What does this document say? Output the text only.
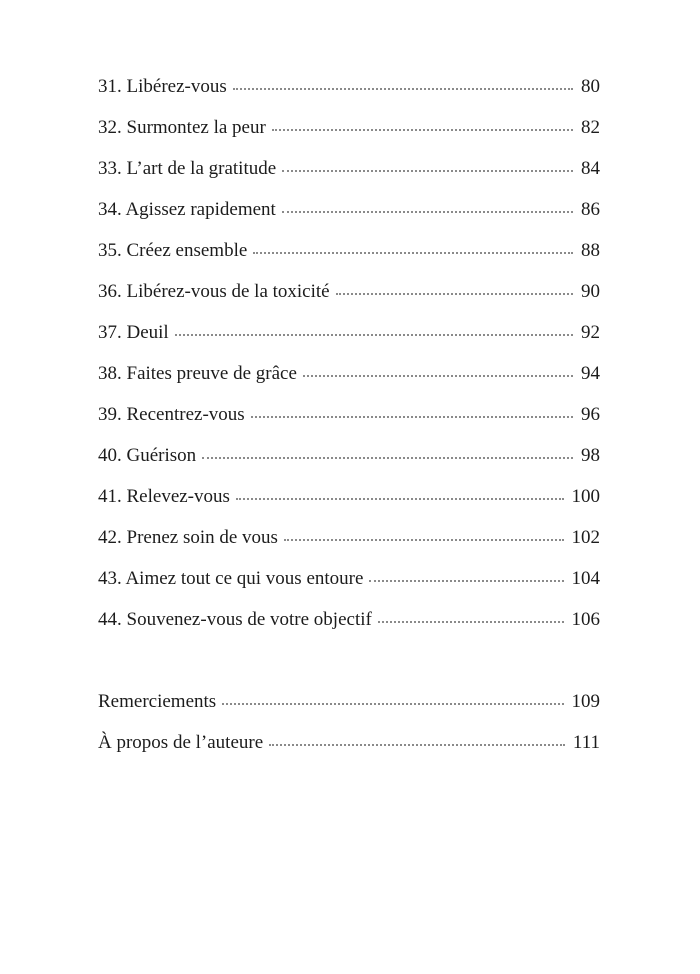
31. Libérez-vous	80
32. Surmontez la peur	82
33. L’art de la gratitude	84
34. Agissez rapidement	86
35. Créez ensemble	88
36. Libérez-vous de la toxicité	90
37. Deuil	92
38. Faites preuve de grâce	94
39. Recentrez-vous	96
40. Guérison	98
41. Relevez-vous	100
42. Prenez soin de vous	102
43. Aimez tout ce qui vous entoure	104
44. Souvenez-vous de votre objectif	106
Remerciements	109
À propos de l’auteure	111
